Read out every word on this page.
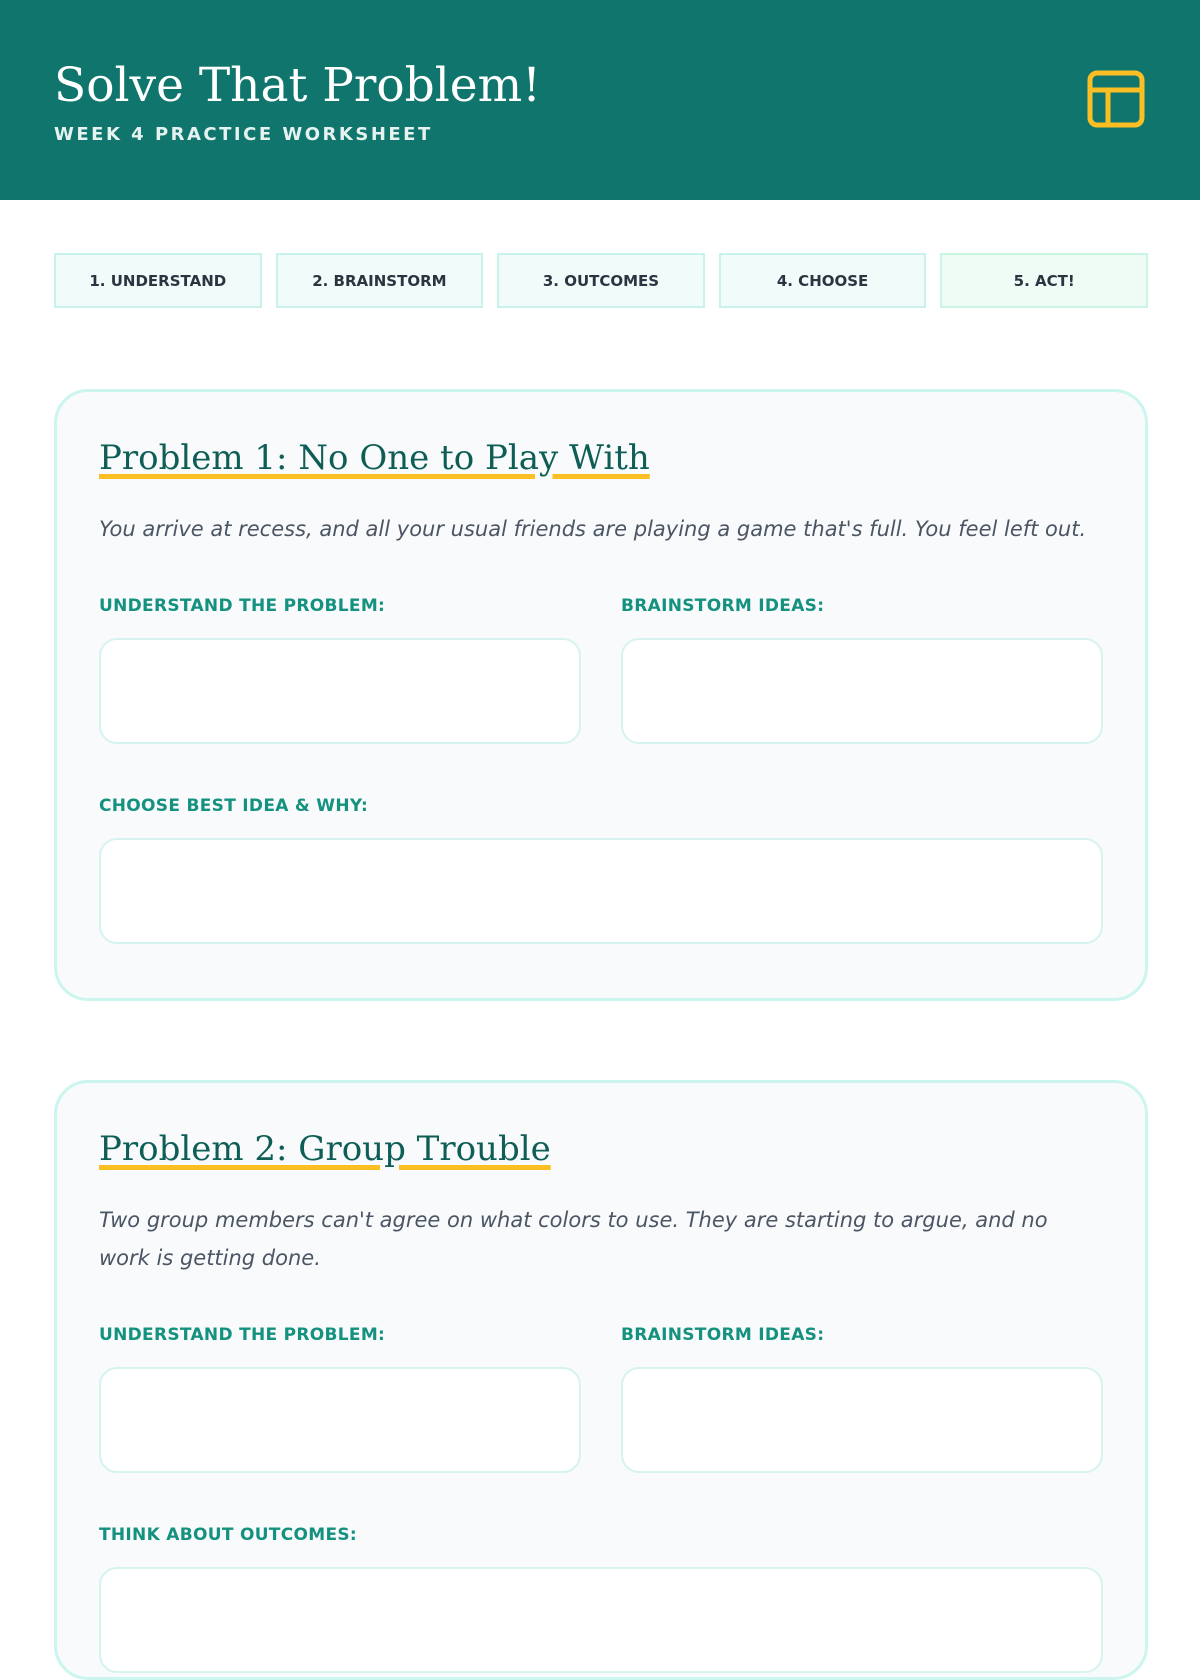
Solve That Problem!
WEEK 4 PRACTICE WORKSHEET
1. UNDERSTAND	2. BRAINSTORM	3. OUTCOMES	4. CHOOSE	5. ACT!
Problem 1: No One to Play With
You arrive at recess, and all your usual friends are playing a game that's full. You feel left out.
UNDERSTAND THE PROBLEM:	BRAINSTORM IDEAS:
CHOOSE BEST IDEA & WHY:
Problem 2: Group Trouble
Two group members can't agree on what colors to use. They are starting to argue, and no work is getting done.
UNDERSTAND THE PROBLEM:	BRAINSTORM IDEAS:
THINK ABOUT OUTCOMES:
